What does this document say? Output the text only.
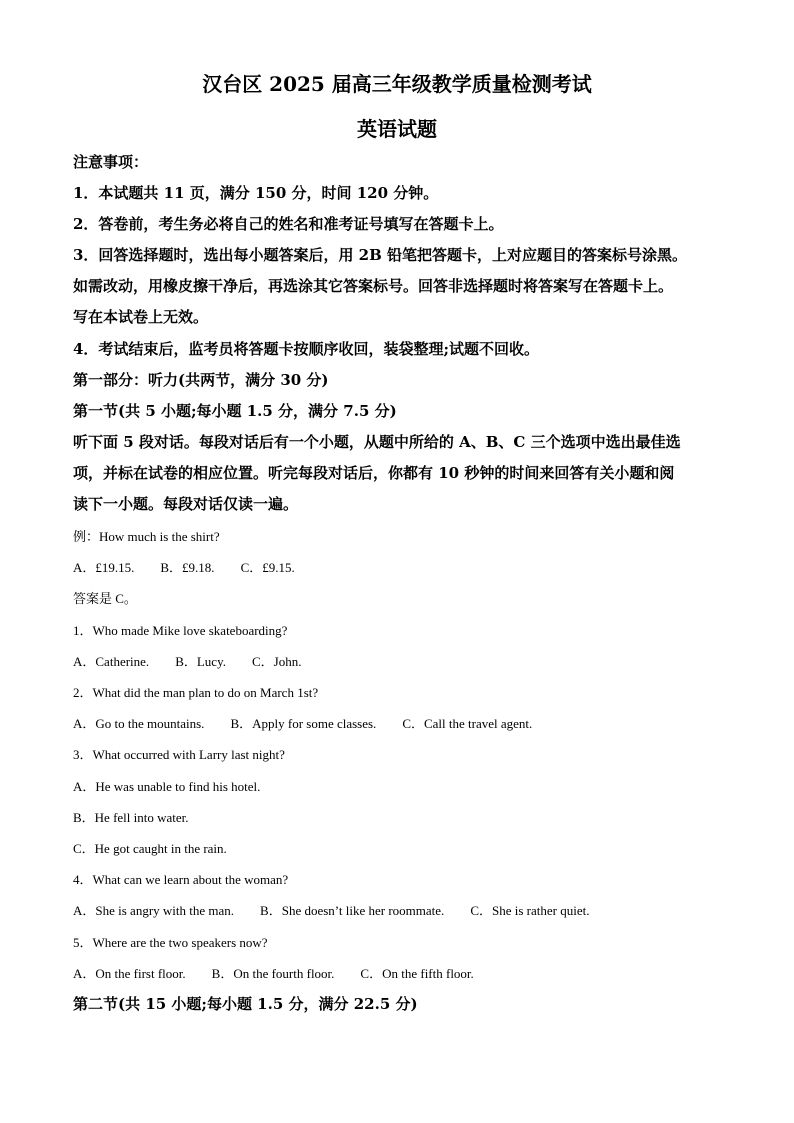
汉台区 2025 届高三年级教学质量检测考试
英语试题
注意事项：
1．本试题共 11 页，满分 150 分，时间 120 分钟。
2．答卷前，考生务必将自己的姓名和准考证号填写在答题卡上。
3．回答选择题时，选出每小题答案后，用 2B 铅笔把答题卡，上对应题目的答案标号涂黑。
如需改动，用橡皮擦干净后，再选涂其它答案标号。回答非选择题时将答案写在答题卡上。
写在本试卷上无效。
4．考试结束后，监考员将答题卡按顺序收回，装袋整理;试题不回收。
第一部分：听力(共两节，满分 30 分)
第一节(共 5 小题;每小题 1.5 分，满分 7.5 分)
听下面 5 段对话。每段对话后有一个小题，从题中所给的 A、B、C 三个选项中选出最佳选
项，并标在试卷的相应位置。听完每段对话后，你都有 10 秒钟的时间来回答有关小题和阅
读下一小题。每段对话仅读一遍。
例：How much is the shirt?
A．£19.15. B．£9.18. C．£9.15.
答案是 C。
1．Who made Mike love skateboarding?
A．Catherine. B．Lucy. C．John.
2．What did the man plan to do on March 1st?
A．Go to the mountains. B．Apply for some classes. C．Call the travel agent.
3．What occurred with Larry last night?
A．He was unable to find his hotel.
B．He fell into water.
C．He got caught in the rain.
4．What can we learn about the woman?
A．She is angry with the man. B．She doesn’t like her roommate. C．She is rather quiet.
5．Where are the two speakers now?
A．On the first floor. B．On the fourth floor. C．On the fifth floor.
第二节(共 15 小题;每小题 1.5 分，满分 22.5 分)
